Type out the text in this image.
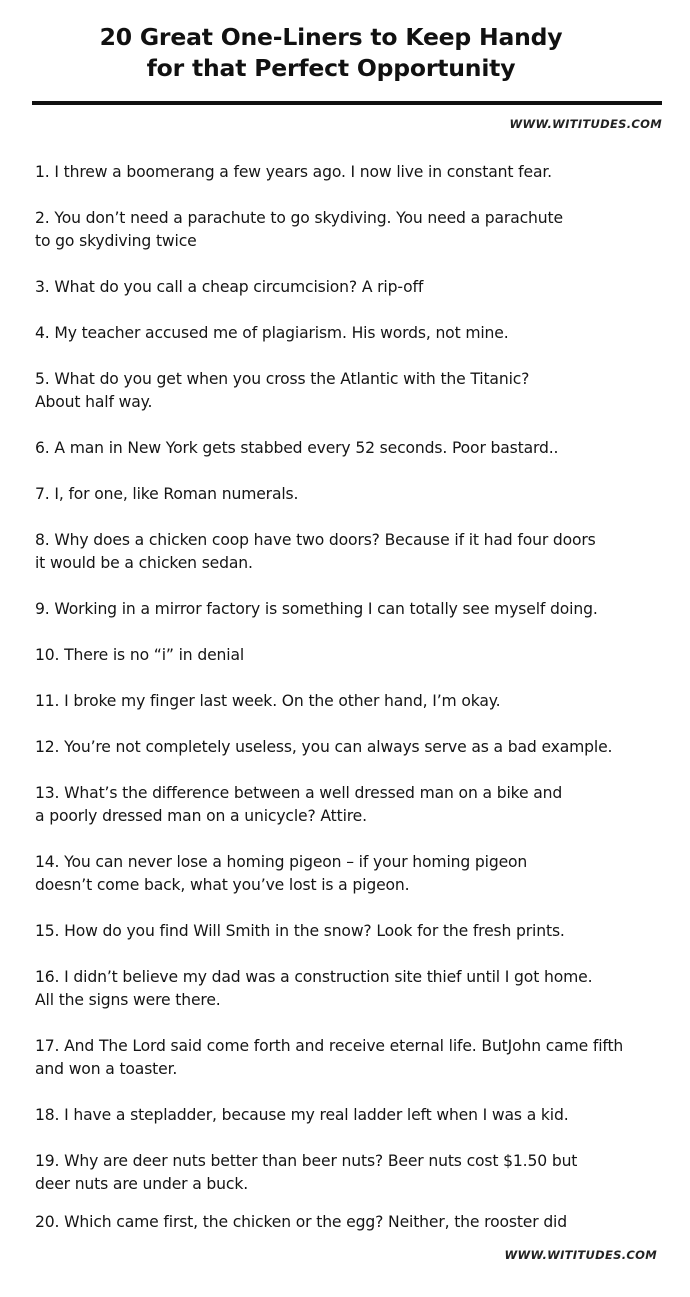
20 Great One-Liners to Keep Handy
for that Perfect Opportunity
WWW.WITITUDES.COM
1. I threw a boomerang a few years ago. I now live in constant fear.
2. You don’t need a parachute to go skydiving. You need a parachute
to go skydiving twice
3. What do you call a cheap circumcision? A rip-off
4. My teacher accused me of plagiarism. His words, not mine.
5. What do you get when you cross the Atlantic with the Titanic?
About half way.
6. A man in New York gets stabbed every 52 seconds. Poor bastard..
7. I, for one, like Roman numerals.
8. Why does a chicken coop have two doors? Because if it had four doors
it would be a chicken sedan.
9. Working in a mirror factory is something I can totally see myself doing.
10. There is no “i” in denial
11. I broke my finger last week. On the other hand, I’m okay.
12. You’re not completely useless, you can always serve as a bad example.
13. What’s the difference between a well dressed man on a bike and
a poorly dressed man on a unicycle? Attire.
14. You can never lose a homing pigeon – if your homing pigeon
doesn’t come back, what you’ve lost is a pigeon.
15. How do you find Will Smith in the snow? Look for the fresh prints.
16. I didn’t believe my dad was a construction site thief until I got home.
All the signs were there.
17. And The Lord said come forth and receive eternal life. ButJohn came fifth
and won a toaster.
18. I have a stepladder, because my real ladder left when I was a kid.
19. Why are deer nuts better than beer nuts? Beer nuts cost $1.50 but
deer nuts are under a buck.
20. Which came first, the chicken or the egg? Neither, the rooster did
WWW.WITITUDES.COM
